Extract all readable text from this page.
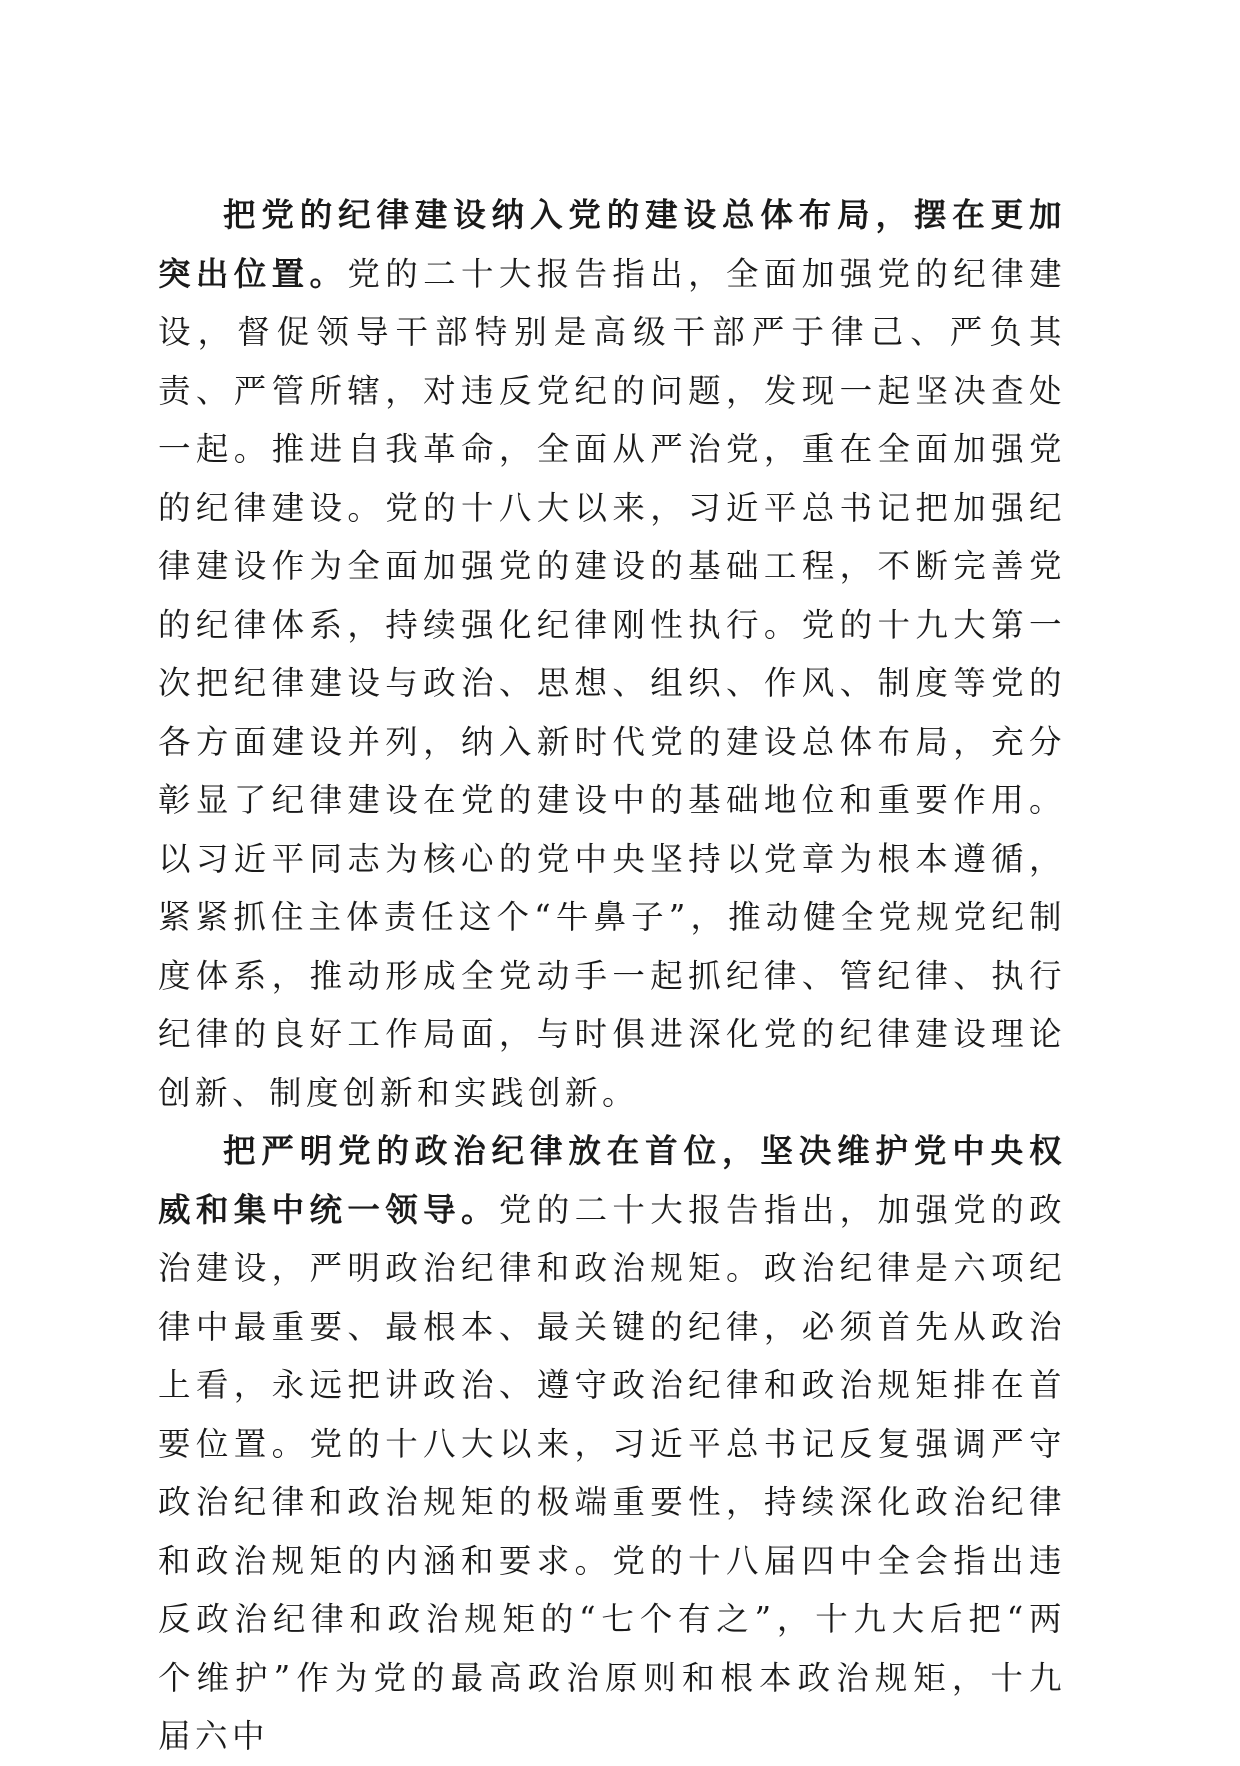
把党的纪律建设纳入党的建设总体布局，摆在更加突出位置。党的二十大报告指出，全面加强党的纪律建设，督促领导干部特别是高级干部严于律己、严负其责、严管所辖，对违反党纪的问题，发现一起坚决查处一起。推进自我革命，全面从严治党，重在全面加强党的纪律建设。党的十八大以来，习近平总书记把加强纪律建设作为全面加强党的建设的基础工程，不断完善党的纪律体系，持续强化纪律刚性执行。党的十九大第一次把纪律建设与政治、思想、组织、作风、制度等党的各方面建设并列，纳入新时代党的建设总体布局，充分彰显了纪律建设在党的建设中的基础地位和重要作用。以习近平同志为核心的党中央坚持以党章为根本遵循，紧紧抓住主体责任这个“牛鼻子”，推动健全党规党纪制度体系，推动形成全党动手一起抓纪律、管纪律、执行纪律的良好工作局面，与时俱进深化党的纪律建设理论创新、制度创新和实践创新。

把严明党的政治纪律放在首位，坚决维护党中央权威和集中统一领导。党的二十大报告指出，加强党的政治建设，严明政治纪律和政治规矩。政治纪律是六项纪律中最重要、最根本、最关键的纪律，必须首先从政治上看，永远把讲政治、遵守政治纪律和政治规矩排在首要位置。党的十八大以来，习近平总书记反复强调严守政治纪律和政治规矩的极端重要性，持续深化政治纪律和政治规矩的内涵和要求。党的十八届四中全会指出违反政治纪律和政治规矩的“七个有之”，十九大后把“两个维护”作为党的最高政治原则和根本政治规矩，十九届六中
